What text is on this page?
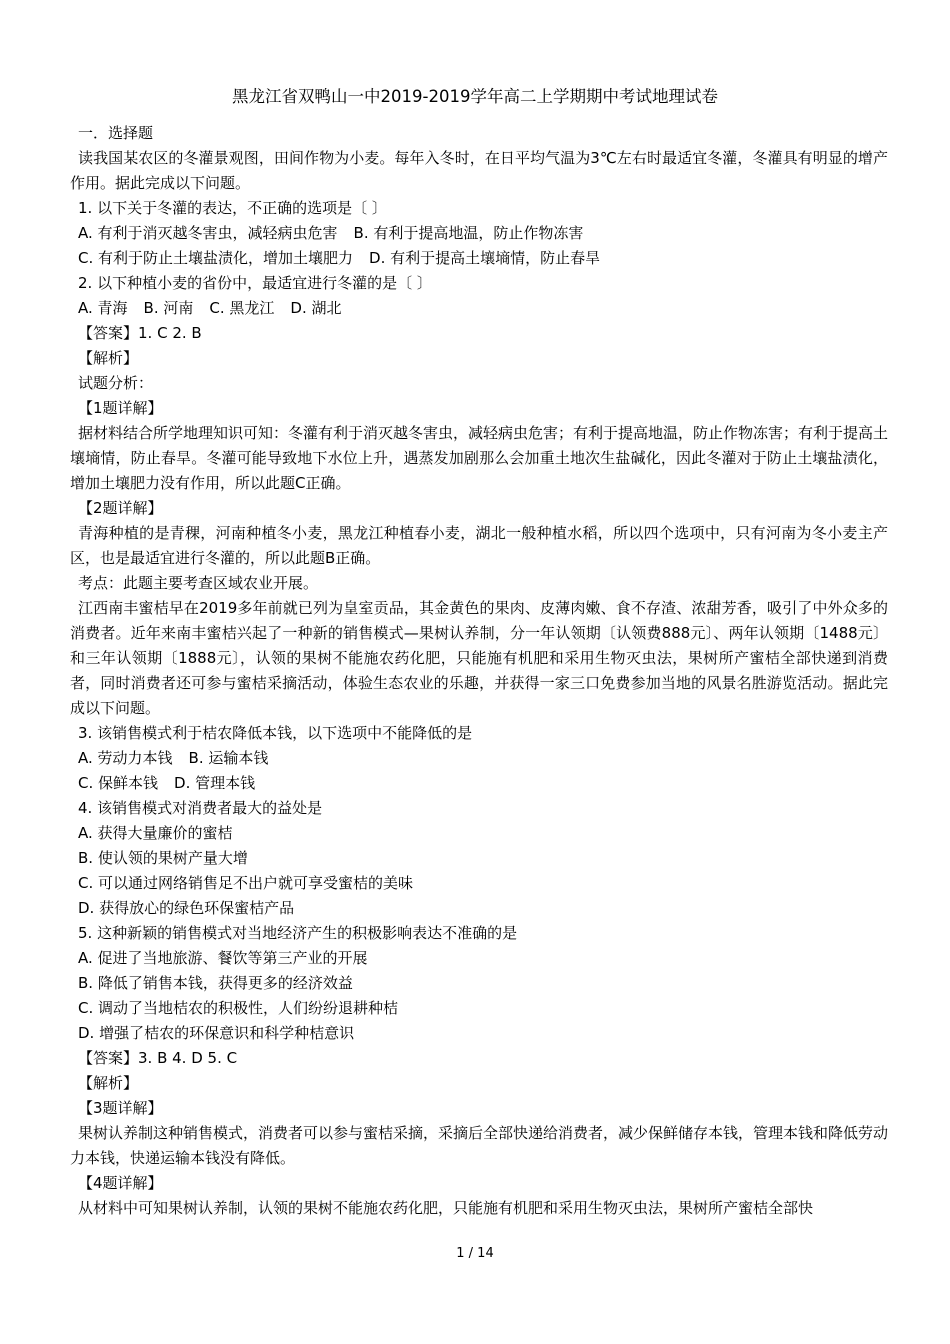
黑龙江省双鸭山一中2019-2019学年高二上学期期中考试地理试卷
一．选择题
读我国某农区的冬灌景观图，田间作物为小麦。每年入冬时，在日平均气温为3℃左右时最适宜冬灌，冬灌具有明显的增产作用。据此完成以下问题。
1. 以下关于冬灌的表达，不正确的选项是〔 〕
A. 有利于消灭越冬害虫，减轻病虫危害 B. 有利于提高地温，防止作物冻害
C. 有利于防止土壤盐渍化，增加土壤肥力 D. 有利于提高土壤墒情，防止春旱
2. 以下种植小麦的省份中，最适宜进行冬灌的是〔 〕
A. 青海 B. 河南 C. 黑龙江 D. 湖北
【答案】1. C 2. B
【解析】
试题分析：
【1题详解】
据材料结合所学地理知识可知：冬灌有利于消灭越冬害虫，减轻病虫危害；有利于提高地温，防止作物冻害；有利于提高土壤墒情，防止春旱。冬灌可能导致地下水位上升，遇蒸发加剧那么会加重土地次生盐碱化，因此冬灌对于防止土壤盐渍化，增加土壤肥力没有作用，所以此题C正确。
【2题详解】
青海种植的是青稞，河南种植冬小麦，黑龙江种植春小麦，湖北一般种植水稻，所以四个选项中，只有河南为冬小麦主产区，也是最适宜进行冬灌的，所以此题B正确。
考点：此题主要考查区域农业开展。
江西南丰蜜桔早在2019多年前就已列为皇室贡品，其金黄色的果肉、皮薄肉嫩、食不存渣、浓甜芳香，吸引了中外众多的消费者。近年来南丰蜜桔兴起了一种新的销售模式—果树认养制，分一年认领期〔认领费888元〕、两年认领期〔1488元〕和三年认领期〔1888元〕，认领的果树不能施农药化肥，只能施有机肥和采用生物灭虫法，果树所产蜜桔全部快递到消费者，同时消费者还可参与蜜桔采摘活动，体验生态农业的乐趣，并获得一家三口免费参加当地的风景名胜游览活动。据此完成以下问题。
3. 该销售模式利于桔农降低本钱，以下选项中不能降低的是
A. 劳动力本钱 B. 运输本钱
C. 保鲜本钱 D. 管理本钱
4. 该销售模式对消费者最大的益处是
A. 获得大量廉价的蜜桔
B. 使认领的果树产量大增
C. 可以通过网络销售足不出户就可享受蜜桔的美味
D. 获得放心的绿色环保蜜桔产品
5. 这种新颖的销售模式对当地经济产生的积极影响表达不准确的是
A. 促进了当地旅游、餐饮等第三产业的开展
B. 降低了销售本钱，获得更多的经济效益
C. 调动了当地桔农的积极性，人们纷纷退耕种桔
D. 增强了桔农的环保意识和科学种桔意识
【答案】3. B 4. D 5. C
【解析】
【3题详解】
果树认养制这种销售模式，消费者可以参与蜜桔采摘，采摘后全部快递给消费者，减少保鲜储存本钱，管理本钱和降低劳动力本钱，快递运输本钱没有降低。
【4题详解】
从材料中可知果树认养制，认领的果树不能施农药化肥，只能施有机肥和采用生物灭虫法，果树所产蜜桔全部快
1 / 14
